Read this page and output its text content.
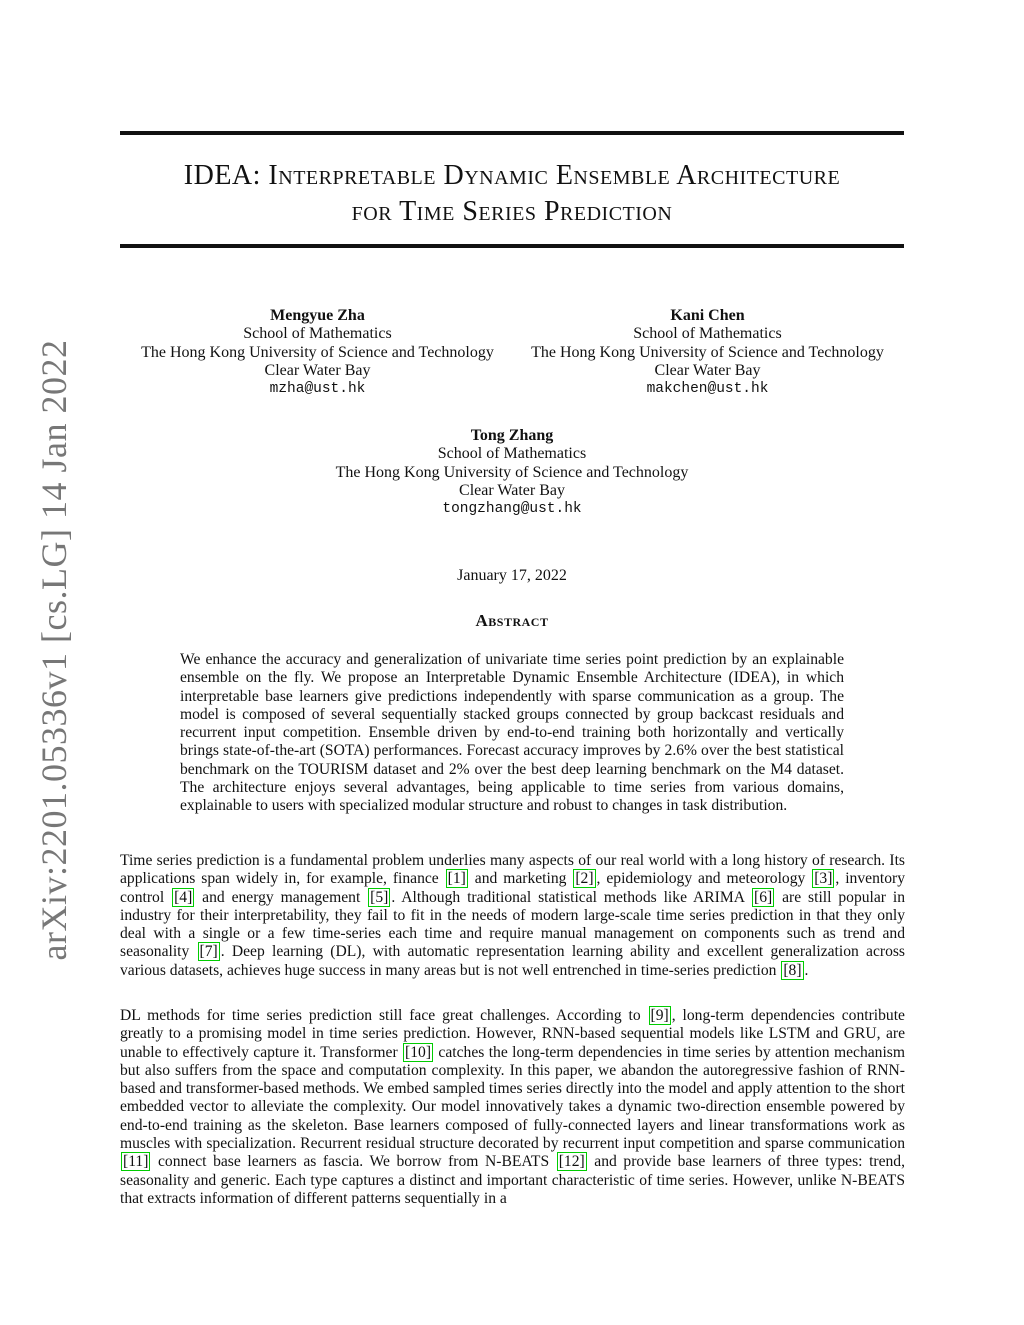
arXiv:2201.05336v1 [cs.LG] 14 Jan 2022
IDEA: Interpretable Dynamic Ensemble Architecture
for Time Series Prediction
Mengyue Zha
School of Mathematics
The Hong Kong University of Science and Technology
Clear Water Bay
mzha@ust.hk
Kani Chen
School of Mathematics
The Hong Kong University of Science and Technology
Clear Water Bay
makchen@ust.hk
Tong Zhang
School of Mathematics
The Hong Kong University of Science and Technology
Clear Water Bay
tongzhang@ust.hk
January 17, 2022
Abstract
We enhance the accuracy and generalization of univariate time series point prediction by an explainable ensemble on the fly. We propose an Interpretable Dynamic Ensemble Architecture (IDEA), in which interpretable base learners give predictions independently with sparse communication as a group. The model is composed of several sequentially stacked groups connected by group backcast residuals and recurrent input competition. Ensemble driven by end-to-end training both horizontally and vertically brings state-of-the-art (SOTA) performances. Forecast accuracy improves by 2.6% over the best statistical benchmark on the TOURISM dataset and 2% over the best deep learning benchmark on the M4 dataset. The architecture enjoys several advantages, being applicable to time series from various domains, explainable to users with specialized modular structure and robust to changes in task distribution.
Time series prediction is a fundamental problem underlies many aspects of our real world with a long history of research. Its applications span widely in, for example, finance [1] and marketing [2] , epidemiology and meteorology [3] , inventory control [4] and energy management [5] . Although traditional statistical methods like ARIMA [6] are still popular in industry for their interpretability, they fail to fit in the needs of modern large-scale time series prediction in that they only deal with a single or a few time-series each time and require manual management on components such as trend and seasonality [7] . Deep learning (DL), with automatic representation learning ability and excellent generalization across various datasets, achieves huge success in many areas but is not well entrenched in time-series prediction [8] .
DL methods for time series prediction still face great challenges. According to [9] , long-term dependencies contribute greatly to a promising model in time series prediction. However, RNN-based sequential models like LSTM and GRU, are unable to effectively capture it. Transformer [10] catches the long-term dependencies in time series by attention mechanism but also suffers from the space and computation complexity. In this paper, we abandon the autoregressive fashion of RNN-based and transformer-based methods. We embed sampled times series directly into the model and apply attention to the short embedded vector to alleviate the complexity. Our model innovatively takes a dynamic two-direction ensemble powered by end-to-end training as the skeleton. Base learners composed of fully-connected layers and linear transformations work as muscles with specialization. Recurrent residual structure decorated by recurrent input competition and sparse communication [11] connect base learners as fascia. We borrow from N-BEATS [12] and provide base learners of three types: trend, seasonality and generic. Each type captures a distinct and important characteristic of time series. However, unlike N-BEATS that extracts information of different patterns sequentially in a
